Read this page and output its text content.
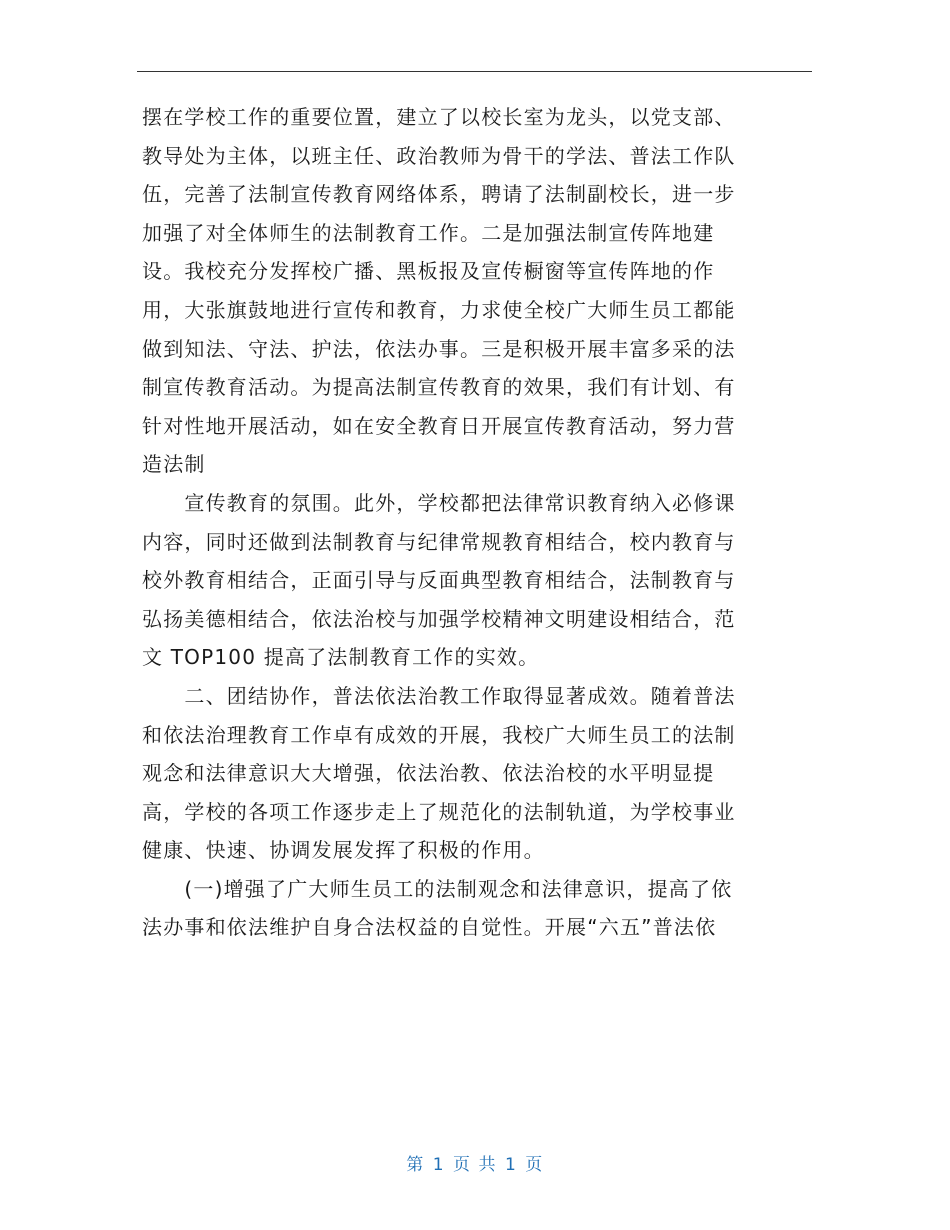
摆在学校工作的重要位置，建立了以校长室为龙头，以党支部、
教导处为主体，以班主任、政治教师为骨干的学法、普法工作队
伍，完善了法制宣传教育网络体系，聘请了法制副校长，进一步
加强了对全体师生的法制教育工作。二是加强法制宣传阵地建
设。我校充分发挥校广播、黑板报及宣传橱窗等宣传阵地的作
用，大张旗鼓地进行宣传和教育，力求使全校广大师生员工都能
做到知法、守法、护法，依法办事。三是积极开展丰富多采的法
制宣传教育活动。为提高法制宣传教育的效果，我们有计划、有
针对性地开展活动，如在安全教育日开展宣传教育活动，努力营
造法制
　　宣传教育的氛围。此外，学校都把法律常识教育纳入必修课
内容，同时还做到法制教育与纪律常规教育相结合，校内教育与
校外教育相结合，正面引导与反面典型教育相结合，法制教育与
弘扬美德相结合，依法治校与加强学校精神文明建设相结合，范
文 TOP100 提高了法制教育工作的实效。
　　二、团结协作，普法依法治教工作取得显著成效。随着普法
和依法治理教育工作卓有成效的开展，我校广大师生员工的法制
观念和法律意识大大增强，依法治教、依法治校的水平明显提
高，学校的各项工作逐步走上了规范化的法制轨道，为学校事业
健康、快速、协调发展发挥了积极的作用。
　　(一)增强了广大师生员工的法制观念和法律意识，提高了依
法办事和依法维护自身合法权益的自觉性。开展“六五”普法依
第 1 页 共 1 页
